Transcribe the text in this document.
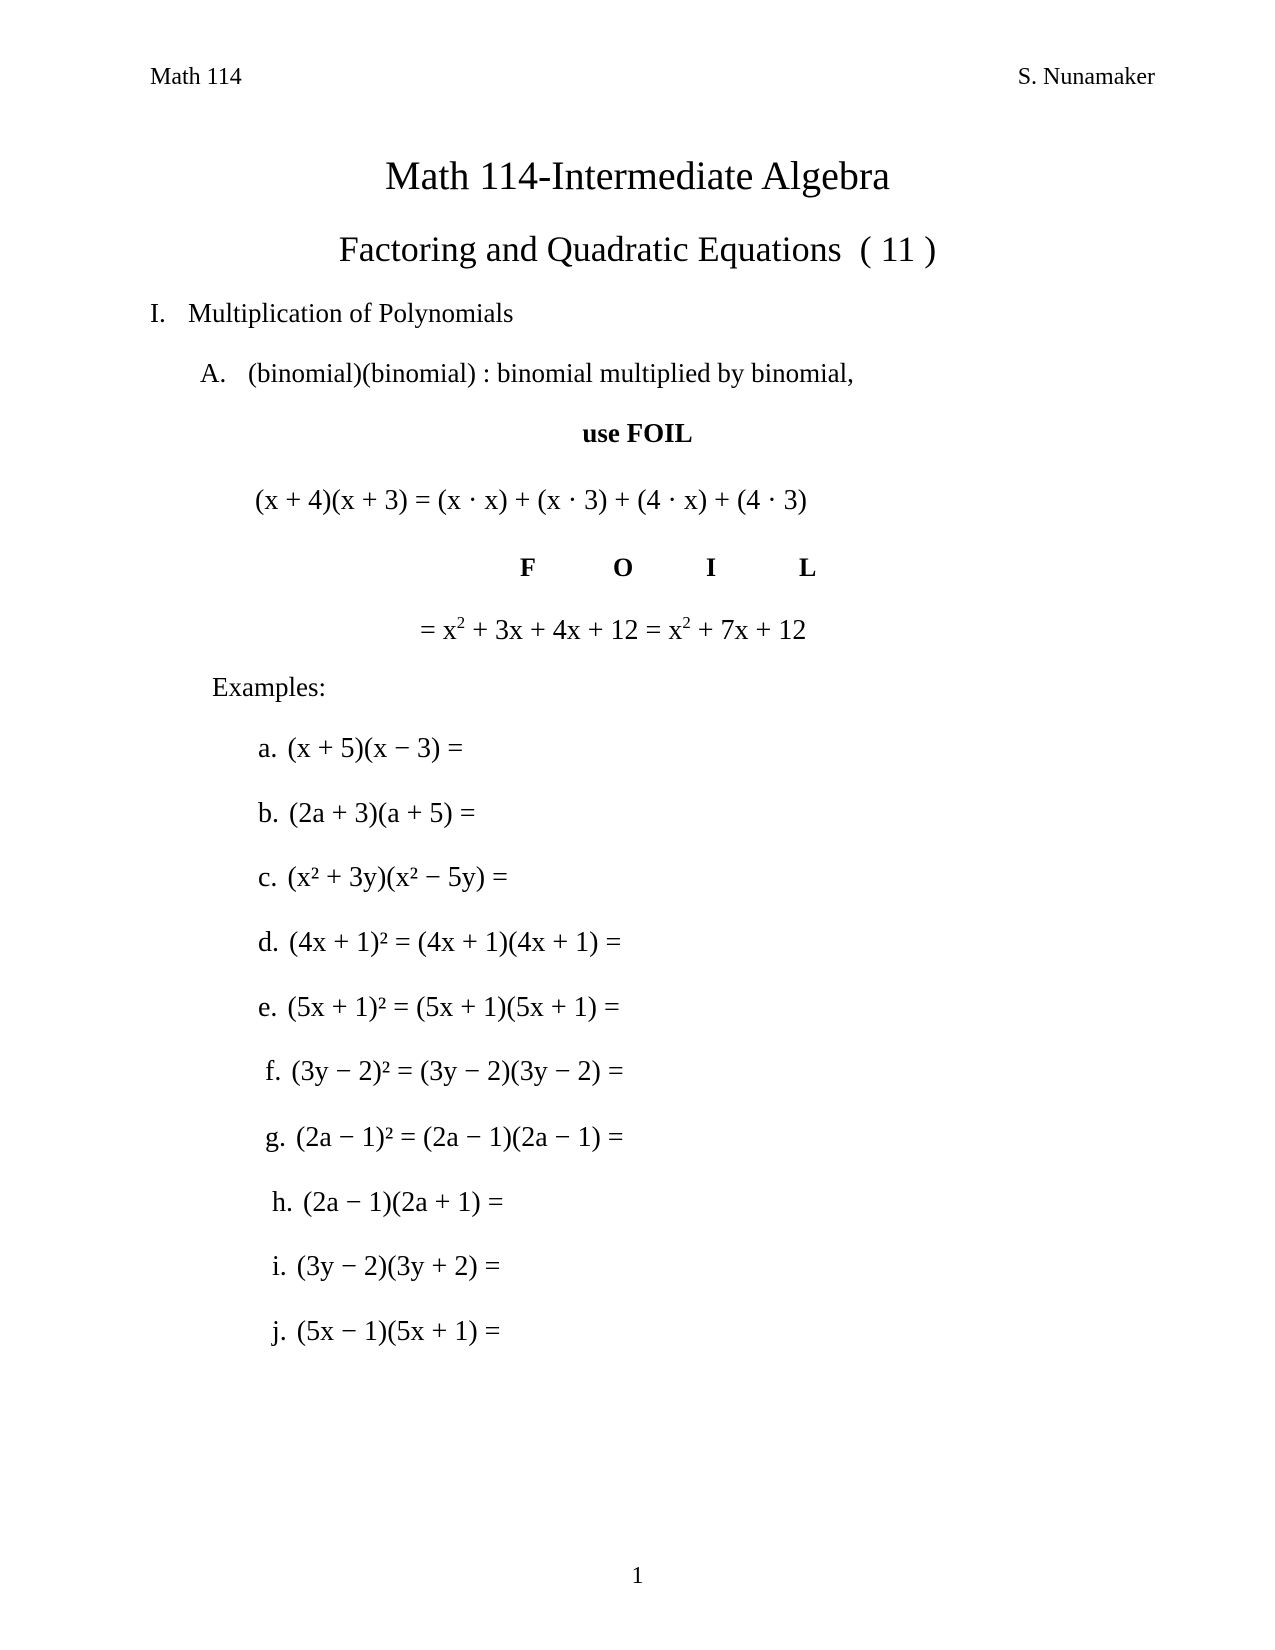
Math 114	S. Nunamaker
Math 114-Intermediate Algebra
Factoring and Quadratic Equations ( 11 )
I. Multiplication of Polynomials
A. (binomial)(binomial) : binomial multiplied by binomial,
use FOIL
(x + 4)(x + 3) = (x · x) + (x · 3) + (4 · x) + (4 · 3)
F	O	I	L
= $x^2 + 3x + 4x + 12 = x^2 + 7x + 12$
Examples:
a. (x + 5)(x − 3) =
b. (2a + 3)(a + 5) =
c. (x² + 3y)(x² − 5y) =
d. (4x + 1)² = (4x + 1)(4x + 1) =
e. (5x + 1)² = (5x + 1)(5x + 1) =
f. (3y − 2)² = (3y − 2)(3y − 2) =
g. (2a − 1)² = (2a − 1)(2a − 1) =
h. (2a − 1)(2a + 1) =
i. (3y − 2)(3y + 2) =
j. (5x − 1)(5x + 1) =
1
